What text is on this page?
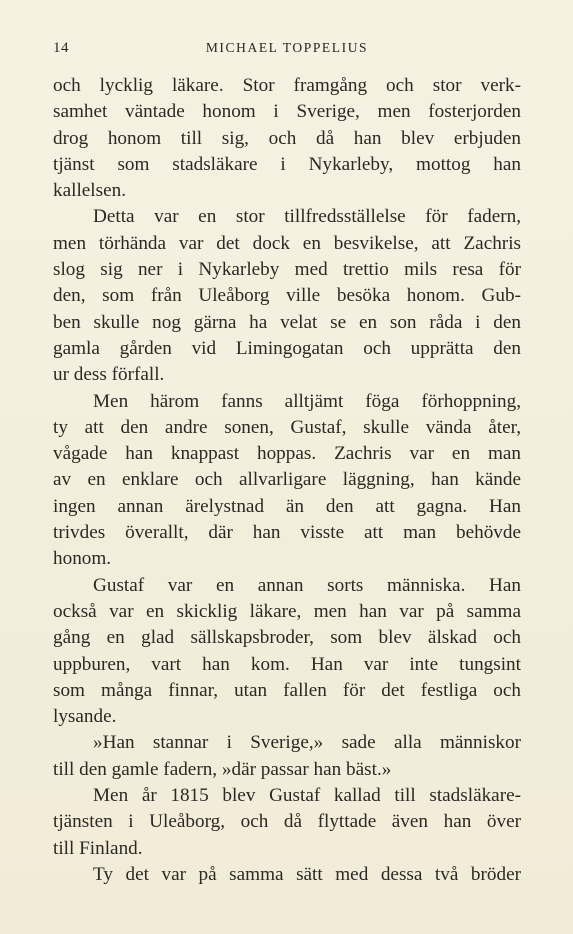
14	MICHAEL TOPPELIUS
och lycklig läkare. Stor framgång och stor verk-
samhet väntade honom i Sverige, men fosterjorden
drog honom till sig, och då han blev erbjuden
tjänst som stadsläkare i Nykarleby, mottog han
kallelsen.
Detta var en stor tillfredsställelse för fadern,
men törhända var det dock en besvikelse, att Zachris
slog sig ner i Nykarleby med trettio mils resa för
den, som från Uleåborg ville besöka honom. Gub-
ben skulle nog gärna ha velat se en son råda i den
gamla gården vid Limingogatan och upprätta den
ur dess förfall.
Men härom fanns alltjämt föga förhoppning,
ty att den andre sonen, Gustaf, skulle vända åter,
vågade han knappast hoppas. Zachris var en man
av en enklare och allvarligare läggning, han kände
ingen annan ärelystnad än den att gagna. Han
trivdes överallt, där han visste att man behövde
honom.
Gustaf var en annan sorts människa. Han
också var en skicklig läkare, men han var på samma
gång en glad sällskapsbroder, som blev älskad och
uppburen, vart han kom. Han var inte tungsint
som många finnar, utan fallen för det festliga och
lysande.
»Han stannar i Sverige,» sade alla människor
till den gamle fadern, »där passar han bäst.»
Men år 1815 blev Gustaf kallad till stadsläkare-
tjänsten i Uleåborg, och då flyttade även han över
till Finland.
Ty det var på samma sätt med dessa två bröder
